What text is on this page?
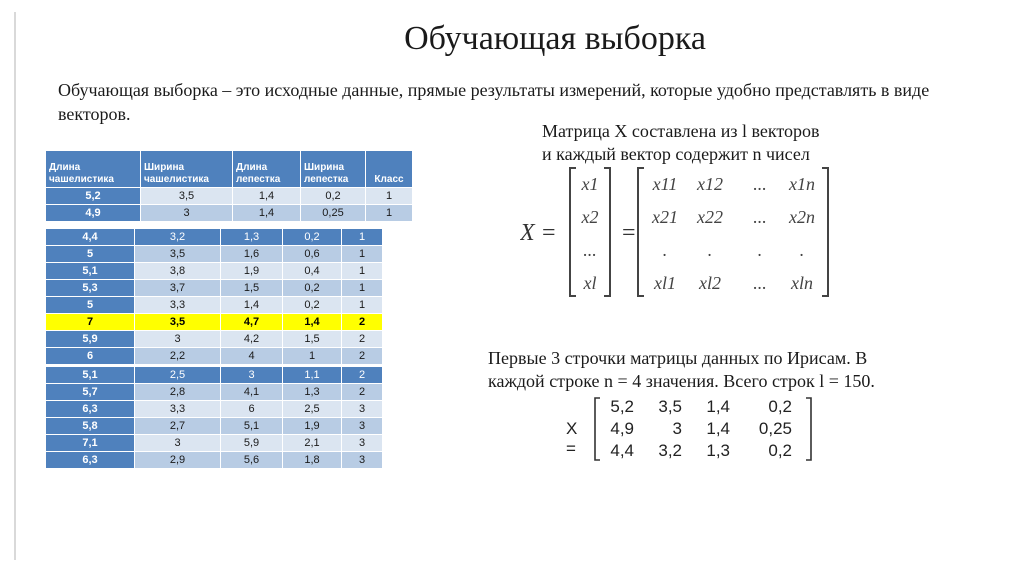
Обучающая выборка
Обучающая выборка – это исходные данные, прямые результаты измерений, которые удобно представлять в виде векторов.
Матрица X составлена из l векторов
и каждый вектор содержит n чисел
Длина чашелистика	Ширина чашелистика	Длина лепестка	Ширина лепестка	Класс
5,2	3,5	1,4	0,2	1
4,9	3	1,4	0,25	1
4,4	3,2	1,3	0,2	1
5	3,5	1,6	0,6	1
5,1	3,8	1,9	0,4	1
5,3	3,7	1,5	0,2	1
5	3,3	1,4	0,2	1
7	3,5	4,7	1,4	2
5,9	3	4,2	1,5	2
6	2,2	4	1	2
5,1	2,5	3	1,1	2
5,7	2,8	4,1	1,3	2
6,3	3,3	6	2,5	3
5,8	2,7	5,1	1,9	3
7,1	3	5,9	2,1	3
6,3	2,9	5,6	1,8	3
X =	=
x1
x2
...
xl
x11 x12 ... x1n
x21 x22 ... x2n
. .	. .
xl1 xl2 ... xln
Первые 3 строчки матрицы данных по Ирисам. В
каждой строке n = 4 значения. Всего строк l = 150.
X =
5,2	3,5	1,4	0,2
4,9	3	1,4	0,25
4,4	3,2	1,3	0,2
